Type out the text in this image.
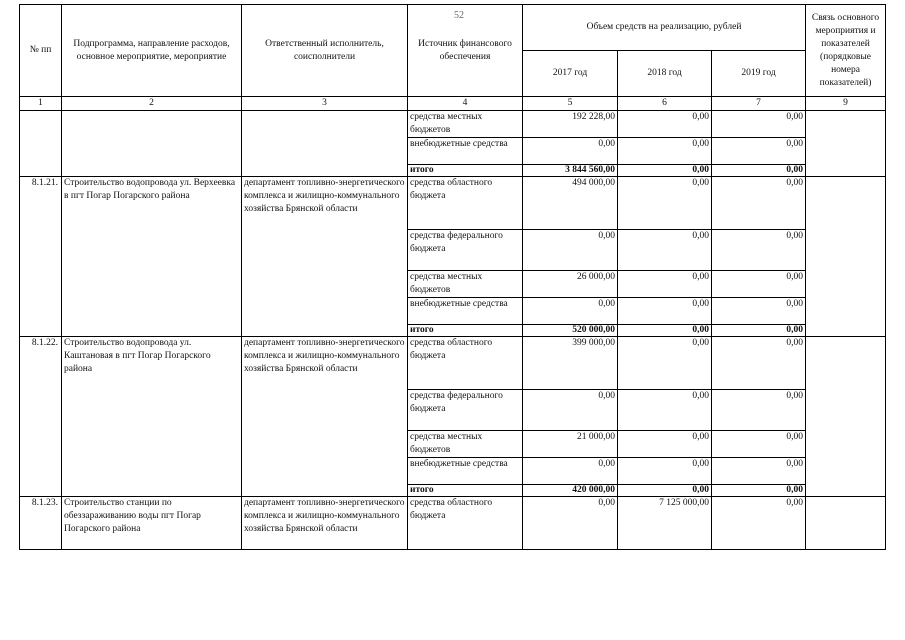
52
№ пп	Подпрограмма, направление расходов, основное мероприятие, мероприятие	Ответственный исполнитель, соисполнители	Источник финансового обеспечения	Объем средств на реализацию, рублей			Связь основного мероприятия и показателей (порядковые номера показателей)
				2017 год	2018 год	2019 год	
1	2	3	4	5	6	7	9
			средства местных бюджетов	192 228,00	0,00	0,00	
			внебюджетные средства	0,00	0,00	0,00	
			итого	3 844 560,00	0,00	0,00	
8.1.21.	Строительство водопровода ул. Верхеевка в пгт Погар Погарского района	департамент топливно-энергетического комплекса и жилищно-коммунального хозяйства Брянской области	средства областного бюджета	494 000,00	0,00	0,00	
			средства федерального бюджета	0,00	0,00	0,00	
			средства местных бюджетов	26 000,00	0,00	0,00	
			внебюджетные средства	0,00	0,00	0,00	
			итого	520 000,00	0,00	0,00	
8.1.22.	Строительство водопровода ул. Каштановая в пгт Погар Погарского района	департамент топливно-энергетического комплекса и жилищно-коммунального хозяйства Брянской области	средства областного бюджета	399 000,00	0,00	0,00	
			средства федерального бюджета	0,00	0,00	0,00	
			средства местных бюджетов	21 000,00	0,00	0,00	
			внебюджетные средства	0,00	0,00	0,00	
			итого	420 000,00	0,00	0,00	
8.1.23.	Строительство станции по обеззараживанию воды пгт Погар Погарского района	департамент топливно-энергетического комплекса и жилищно-коммунального хозяйства Брянской области	средства областного бюджета	0,00	7 125 000,00	0,00	
